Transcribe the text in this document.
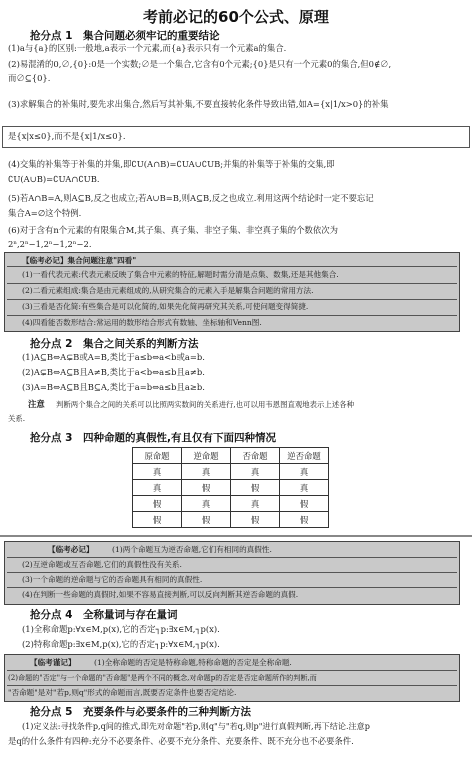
考前必记的60个公式、原理
抢分点 1　集合问题必须牢记的重要结论
(1)a与{a}的区别:一般地,a表示一个元素,而{a}表示只有一个元素a的集合.
(2)易混淆的0,∅,{0}:0是一个实数;∅是一个集合,它含有0个元素;{0}是只有一个元素0的集合,但0∉∅,
而∅⊆{0}.
(3)求解集合的补集时,要先求出集合,然后写其补集,不要直接转化条件导致出错,如A={x|1/x>0}的补集
是{x|x≤0},而不是{x|1/x≤0}.
(4)交集的补集等于补集的并集,即∁U(A∩B)=∁UA∪∁UB;并集的补集等于补集的交集,即
∁U(A∪B)=∁UA∩∁UB.
(5)若A∩B=A,则A⊆B,反之也成立;若A∪B=B,则A⊆B,反之也成立.利用这两个结论时一定不要忘记
集合A=∅这个特例.
(6)对于含有n个元素的有限集合M,其子集、真子集、非空子集、非空真子集的个数依次为
2ⁿ,2ⁿ−1,2ⁿ−1,2ⁿ−2.
【临考必记】集合问题注意"四看"
(1)一看代表元素:代表元素反映了集合中元素的特征,解题时需分清是点集、数集,还是其他集合.
(2)二看元素组成:集合是由元素组成的,从研究集合的元素入手是解集合问题的常用方法.
(3)三看是否化简:有些集合是可以化简的,如果先化简再研究其关系,可使问题变得简捷.
(4)四看能否数形结合:常运用的数形结合形式有数轴、坐标轴和Venn图.
抢分点 2　集合之间关系的判断方法
(1)A⊆B⇔A⊊B或A=B,类比于a≤b⇔a<b或a=b.
(2)A⊊B⇔A⊆B且A≠B,类比于a<b⇔a≤b且a≠b.
(3)A=B⇔A⊆B且B⊆A,类比于a=b⇔a≤b且a≥b.
注意 判断两个集合之间的关系可以比照两实数间的关系进行,也可以用韦恩图直观地表示上述各种
关系.
抢分点 3　四种命题的真假性,有且仅有下面四种情况
原命题	逆命题	否命题	逆否命题
真	真	真	真
真	假	假	真
假	真	真	假
假	假	假	假
【临考必记】 (1)两个命题互为逆否命题,它们有相同的真假性.
(2)互逆命题或互否命题,它们的真假性没有关系.
(3)一个命题的逆命题与它的否命题具有相同的真假性.
(4)在判断一些命题的真假时,如果不容易直接判断,可以反向判断其逆否命题的真假.
抢分点 4　全称量词与存在量词
(1)全称命题p:∀x∈M,p(x),它的否定┐p:∃x∈M,┐p(x).
(2)特称命题p:∃x∈M,p(x),它的否定┐p:∀x∈M,┐p(x).
【临考谨记】 (1)全称命题的否定是特称命题,特称命题的否定是全称命题.
(2)命题的"否定"与一个命题的"否命题"是两个不同的概念,对命题p的否定是否定命题所作的判断,而
"否命题"是对"若p,则q"形式的命题而言,既要否定条件也要否定结论.
抢分点 5　充要条件与必要条件的三种判断方法
(1)定义法:寻找条件p,q间的推式,即先对命题"若p,则q"与"若q,则p"进行真假判断,再下结论.注意p
是q的什么条件有四种:充分不必要条件、必要不充分条件、充要条件、既不充分也不必要条件.
